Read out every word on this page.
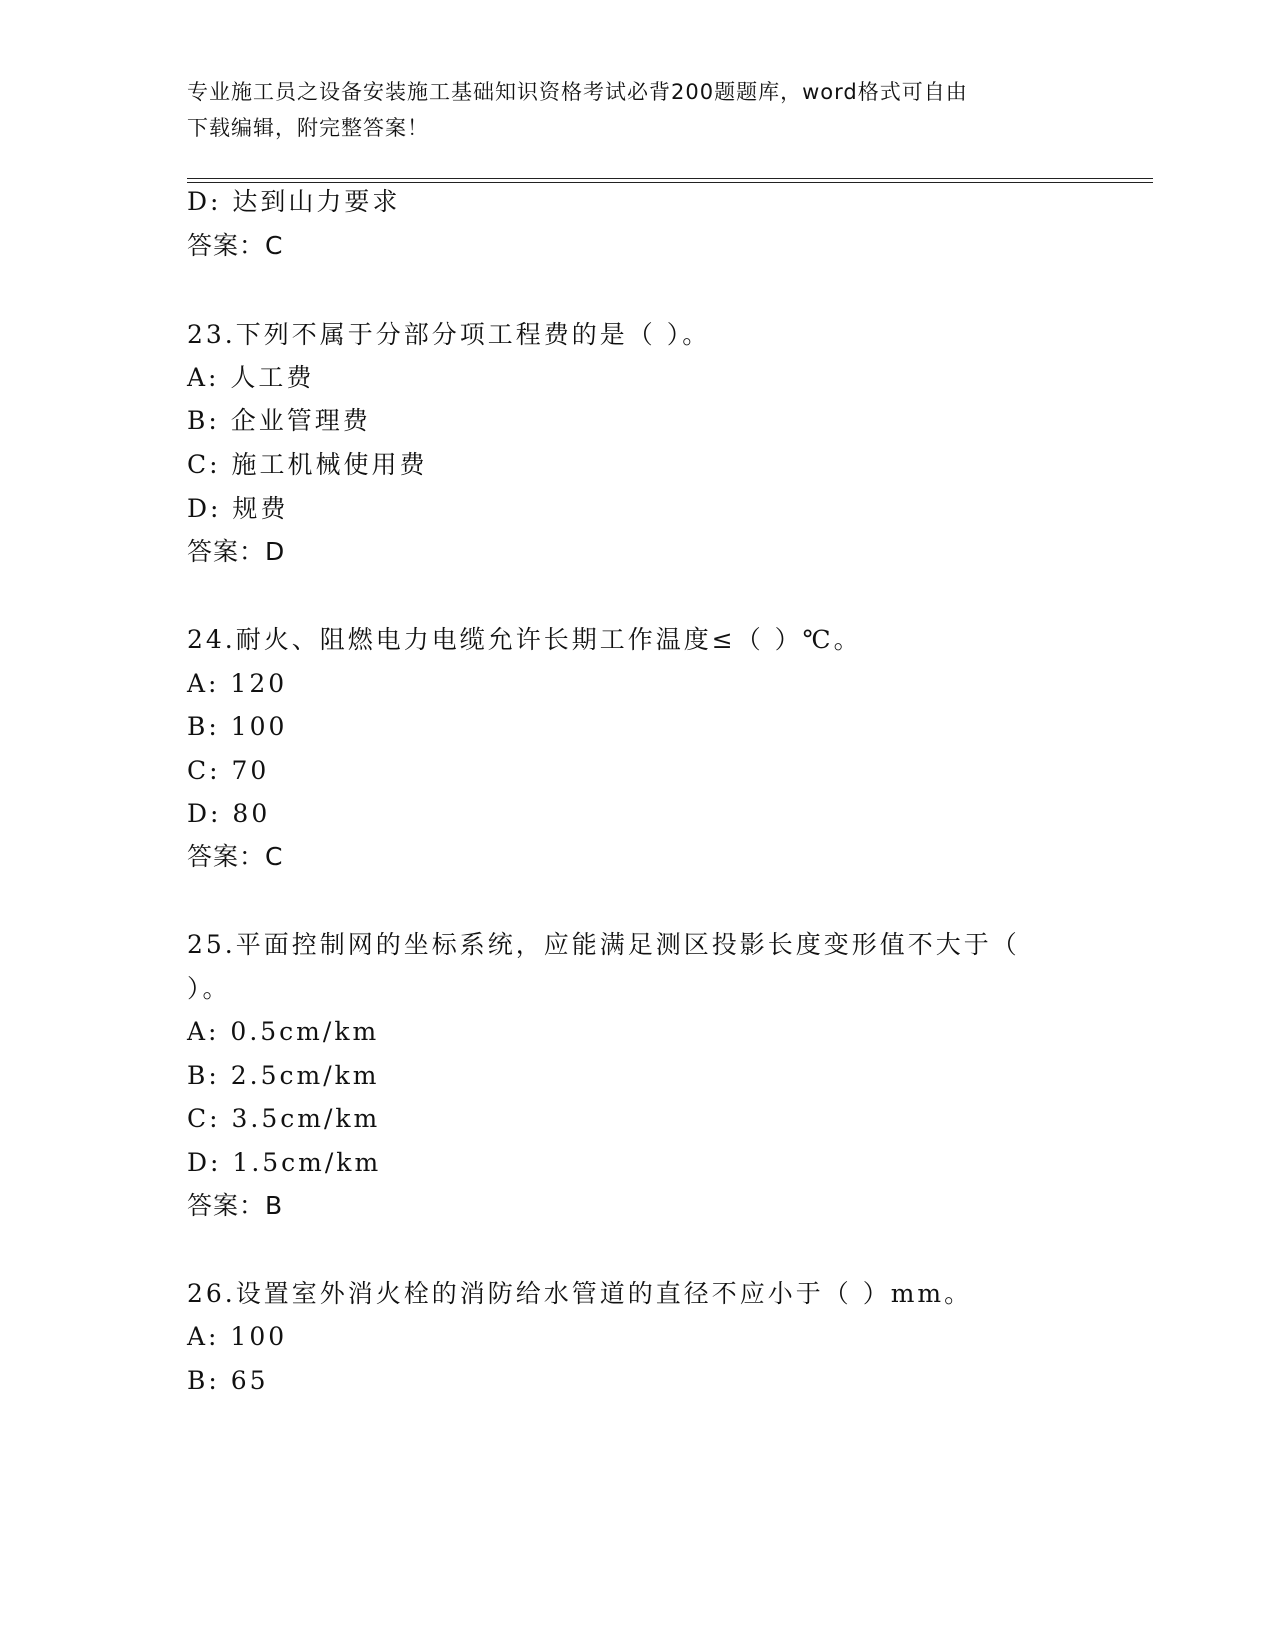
专业施工员之设备安装施工基础知识资格考试必背200题题库，word格式可自由
下载编辑，附完整答案！
D: 达到山力要求
答案：C
23.下列不属于分部分项工程费的是（ ）。
A: 人工费
B: 企业管理费
C: 施工机械使用费
D: 规费
答案：D
24.耐火、阻燃电力电缆允许长期工作温度≤（ ）℃。
A: 120
B: 100
C: 70
D: 80
答案：C
25.平面控制网的坐标系统，应能满足测区投影长度变形值不大于（
）。
A: 0.5cm/km
B: 2.5cm/km
C: 3.5cm/km
D: 1.5cm/km
答案：B
26.设置室外消火栓的消防给水管道的直径不应小于（ ）mm。
A: 100
B: 65
